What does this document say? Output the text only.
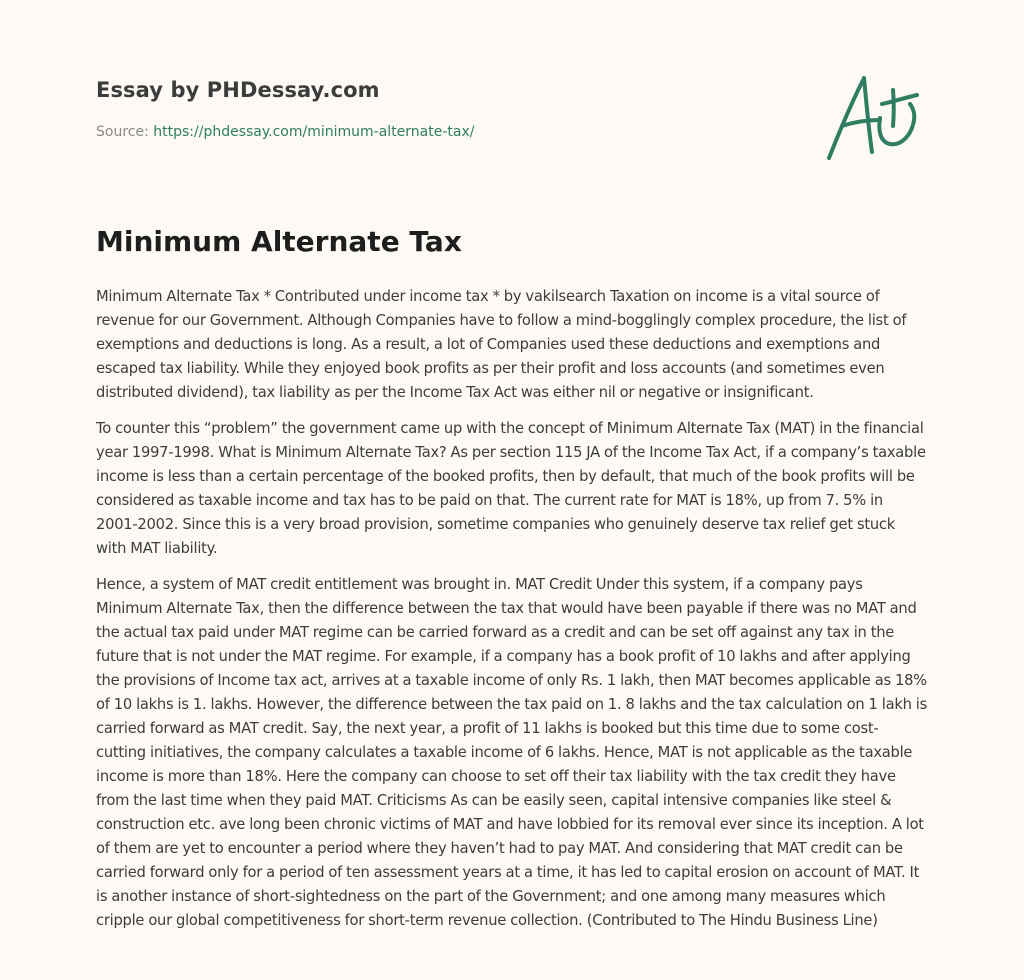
Essay by PHDessay.com
Source: https://phdessay.com/minimum-alternate-tax/
Minimum Alternate Tax

Minimum Alternate Tax * Contributed under income tax * by vakilsearch Taxation on income is a vital source of revenue for our Government. Although Companies have to follow a mind-bogglingly complex procedure, the list of exemptions and deductions is long. As a result, a lot of Companies used these deductions and exemptions and escaped tax liability. While they enjoyed book profits as per their profit and loss accounts (and sometimes even distributed dividend), tax liability as per the Income Tax Act was either nil or negative or insignificant.

To counter this “problem” the government came up with the concept of Minimum Alternate Tax (MAT) in the financial year 1997-1998. What is Minimum Alternate Tax? As per section 115 JA of the Income Tax Act, if a company’s taxable income is less than a certain percentage of the booked profits, then by default, that much of the book profits will be considered as taxable income and tax has to be paid on that. The current rate for MAT is 18%, up from 7. 5% in 2001-2002. Since this is a very broad provision, sometime companies who genuinely deserve tax relief get stuck with MAT liability.

Hence, a system of MAT credit entitlement was brought in. MAT Credit Under this system, if a company pays Minimum Alternate Tax, then the difference between the tax that would have been payable if there was no MAT and the actual tax paid under MAT regime can be carried forward as a credit and can be set off against any tax in the future that is not under the MAT regime. For example, if a company has a book profit of 10 lakhs and after applying the provisions of Income tax act, arrives at a taxable income of only Rs. 1 lakh, then MAT becomes applicable as 18% of 10 lakhs is 1. lakhs. However, the difference between the tax paid on 1. 8 lakhs and the tax calculation on 1 lakh is carried forward as MAT credit. Say, the next year, a profit of 11 lakhs is booked but this time due to some cost-cutting initiatives, the company calculates a taxable income of 6 lakhs. Hence, MAT is not applicable as the taxable income is more than 18%. Here the company can choose to set off their tax liability with the tax credit they have from the last time when they paid MAT. Criticisms As can be easily seen, capital intensive companies like steel & construction etc. ave long been chronic victims of MAT and have lobbied for its removal ever since its inception. A lot of them are yet to encounter a period where they haven’t had to pay MAT. And considering that MAT credit can be carried forward only for a period of ten assessment years at a time, it has led to capital erosion on account of MAT. It is another instance of short-sightedness on the part of the Government; and one among many measures which cripple our global competitiveness for short-term revenue collection. (Contributed to The Hindu Business Line)
